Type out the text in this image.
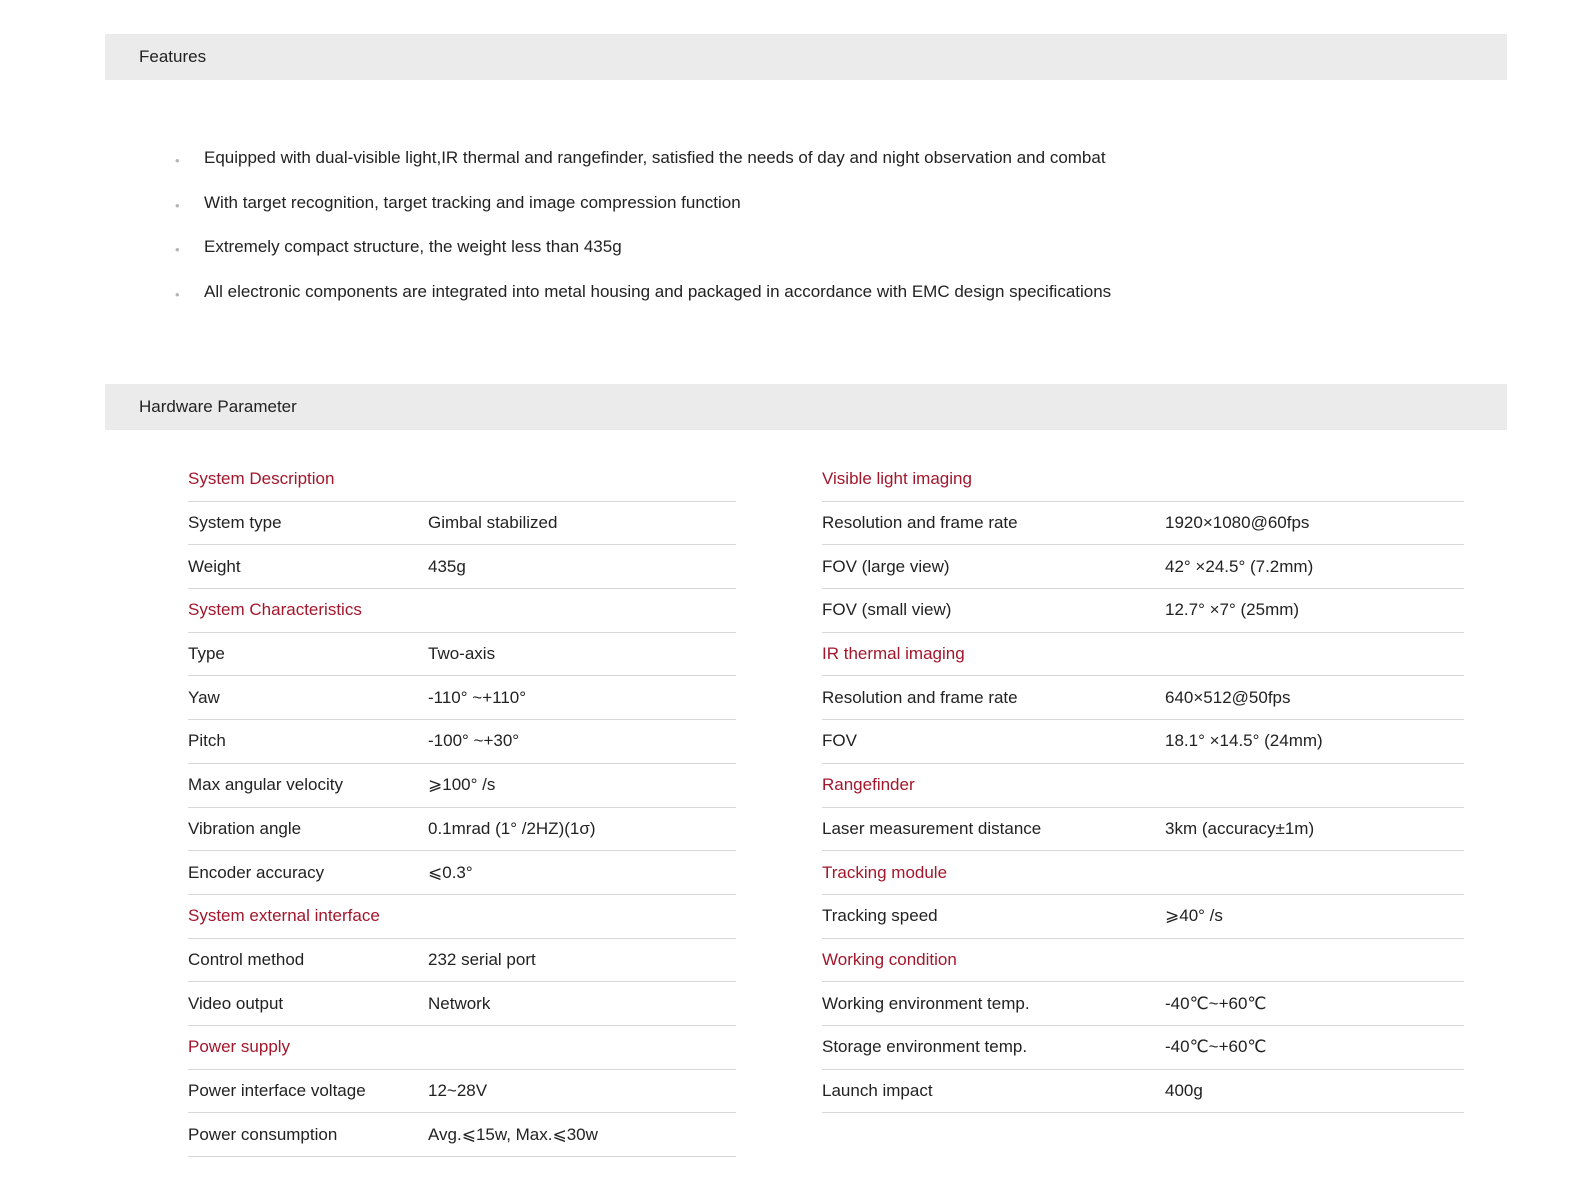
Features
• Equipped with dual-visible light,IR thermal and rangefinder, satisfied the needs of day and night observation and combat
• With target recognition, target tracking and image compression function
• Extremely compact structure, the weight less than 435g
• All electronic components are integrated into metal housing and packaged in accordance with EMC design specifications
Hardware Parameter
System Description
System type	Gimbal stabilized
Weight	435g
System Characteristics
Type	Two-axis
Yaw	-110° ~+110°
Pitch	-100° ~+30°
Max angular velocity	⩾100° /s
Vibration angle	0.1mrad (1° /2HZ)(1σ)
Encoder accuracy	⩽0.3°
System external interface
Control method	232 serial port
Video output	Network
Power supply
Power interface voltage	12~28V
Power consumption	Avg.⩽15w, Max.⩽30w
Visible light imaging
Resolution and frame rate	1920×1080@60fps
FOV (large view)	42° ×24.5° (7.2mm)
FOV (small view)	12.7° ×7° (25mm)
IR thermal imaging
Resolution and frame rate	640×512@50fps
FOV	18.1° ×14.5° (24mm)
Rangefinder
Laser measurement distance	3km (accuracy±1m)
Tracking module
Tracking speed	⩾40° /s
Working condition
Working environment temp.	-40℃~+60℃
Storage environment temp.	-40℃~+60℃
Launch impact	400g
